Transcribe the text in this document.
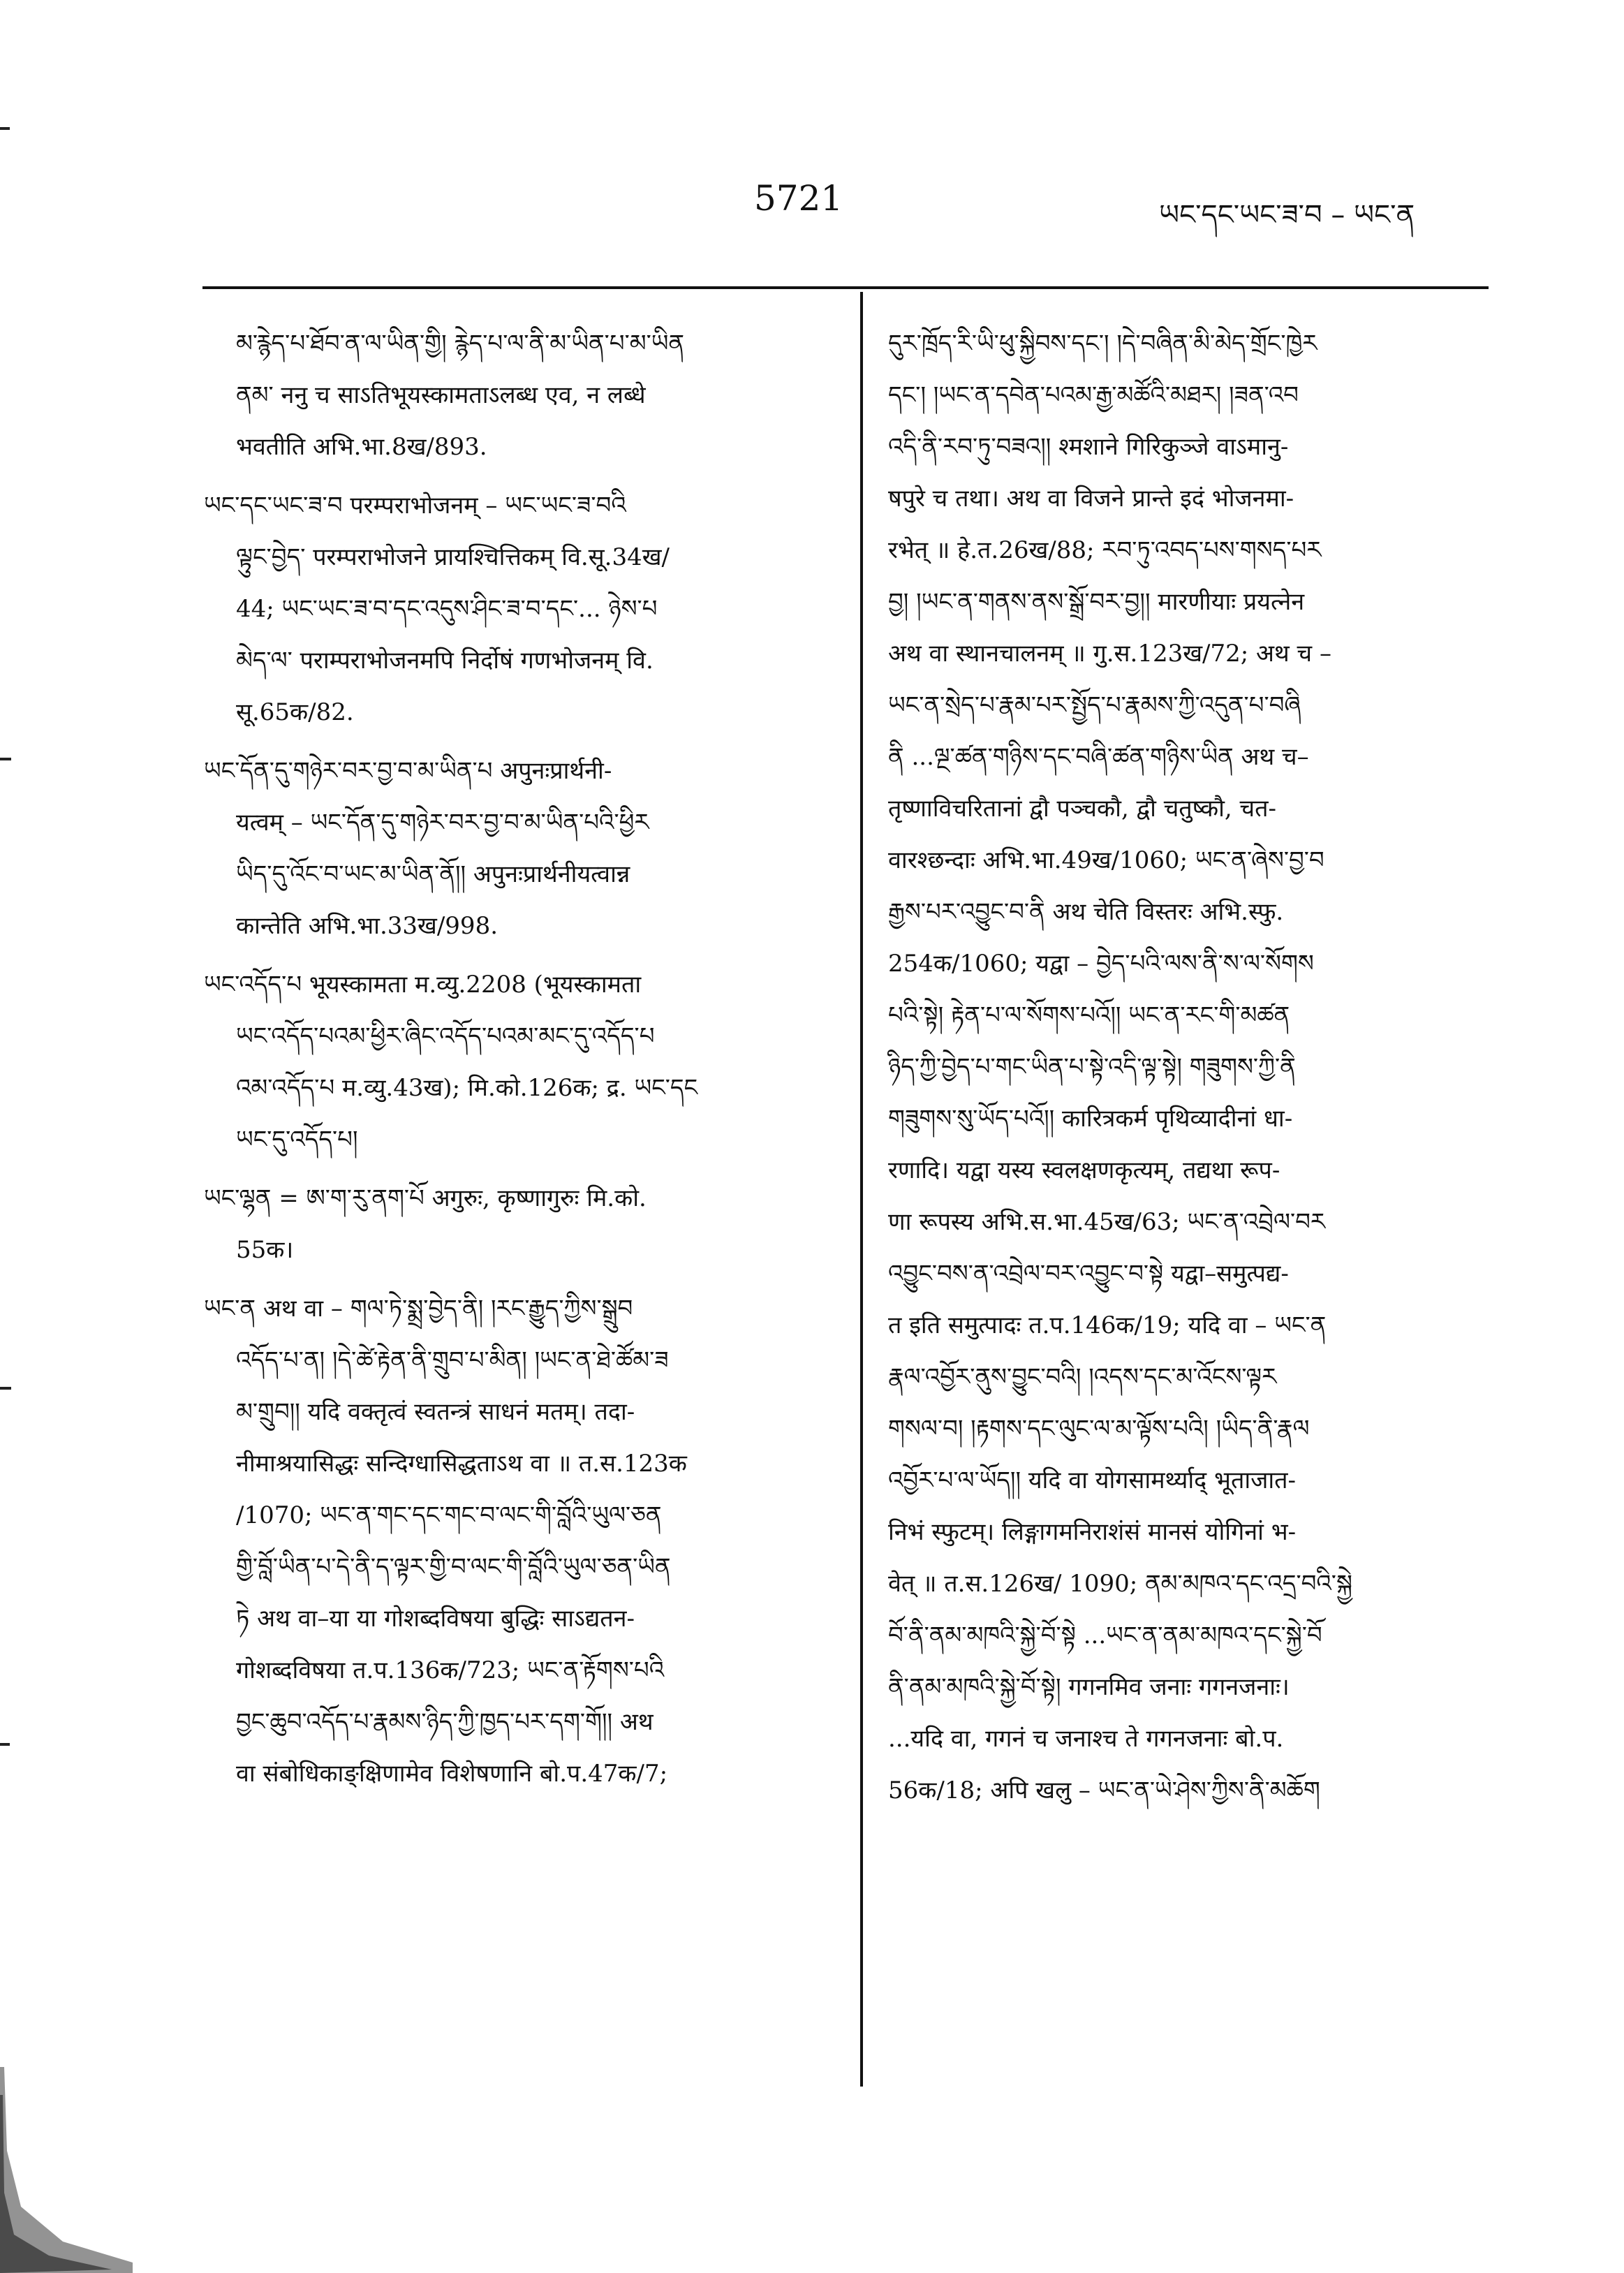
5721	ཡང་དང་ཡང་ཟ་བ – ཡང་ན
མ་རྙེད་པ་ཐོབ་ན་ལ་ཡིན་གྱི། རྙེད་པ་ལ་ནི་མ་ཡིན་པ་མ་ཡིན
ནམ་ ननु च साऽतिभूयस्कामताऽलब्ध एव, न लब्धे
भवतीति अभि.भा.8ख/893.
ཡང་དང་ཡང་ཟ་བ परम्पराभोजनम् – ཡང་ཡང་ཟ་བའི
ལྟུང་བྱེད་ परम्पराभोजने प्रायश्चित्तिकम् वि.सू.34ख/
44; ཡང་ཡང་ཟ་བ་དང་འདུས་ཤིང་ཟ་བ་དང་... ཉེས་པ
མེད་ལ་ पराम्पराभोजनमपि निर्दोषं गणभोजनम् वि.
सू.65क/82.
ཡང་དོན་དུ་གཉེར་བར་བྱ་བ་མ་ཡིན་པ अपुनःप्रार्थनी-
यत्वम् – ཡང་དོན་དུ་གཉེར་བར་བྱ་བ་མ་ཡིན་པའི་ཕྱིར
ཡིད་དུ་འོང་བ་ཡང་མ་ཡིན་ནོ།། अपुनःप्रार्थनीयत्वान्न
कान्तेति अभि.भा.33ख/998.
ཡང་འདོད་པ भूयस्कामता म.व्यु.2208 (भूयस्कामता
ཡང་འདོད་པའམ་ཕྱིར་ཞིང་འདོད་པའམ་མང་དུ་འདོད་པ
འམ་འདོད་པ म.व्यु.43ख); मि.को.126क; द्र. ཡང་དང
ཡང་དུ་འདོད་པ།
ཡང་ལྷན = ཨ་ག་རུ་ནག་པོ अगुरुः, कृष्णागुरुः मि.को.
55क।
ཡང་ན अथ वा – གལ་ཏེ་སྨྲ་བྱེད་ནི། །རང་རྒྱུད་ཀྱིས་སྒྲུབ
འདོད་པ་ན། །དེ་ཚེ་རྟེན་ནི་གྲུབ་པ་མིན། །ཡང་ན་ཐེ་ཚོམ་ཟ
མ་གྲུབ།། यदि वक्तृत्वं स्वतन्त्रं साधनं मतम्। तदा-
नीमाश्रयासिद्धः सन्दिग्धासिद्धताऽथ वा ॥ त.स.123क
/1070; ཡང་ན་གང་དང་གང་བ་ལང་གི་བློའི་ཡུལ་ཅན
གྱི་བློ་ཡིན་པ་དེ་ནི་ད་ལྟར་གྱི་བ་ལང་གི་བློའི་ཡུལ་ཅན་ཡིན
ཏེ अथ वा–या या गोशब्दविषया बुद्धिः साऽद्यतन-
गोशब्दविषया त.प.136क/723; ཡང་ན་རྟོགས་པའི
བྱང་ཆུབ་འདོད་པ་རྣམས་ཉིད་ཀྱི་ཁྱད་པར་དག་གོ།། अथ
वा संबोधिकाङ्क्षिणामेव विशेषणानि बो.प.47क/7;
དུར་ཁྲོད་རི་ཡི་ཕུ་སྐྱིབས་དང་། །དེ་བཞིན་མི་མེད་གྲོང་ཁྱེར
དང་། །ཡང་ན་དབེན་པའམ་རྒྱ་མཚོའི་མཐར། །ཟན་འབ
འདི་ནི་རབ་ཏུ་བཟའ།། श्मशाने गिरिकुञ्जे वाऽमानु-
षपुरे च तथा। अथ वा विजने प्रान्ते इदं भोजनमा-
रभेत् ॥ हे.त.26ख/88; རབ་ཏུ་འབད་པས་གསད་པར
བྱ། །ཡང་ན་གནས་ནས་སྒྲོ་བར་བྱ།། मारणीयाः प्रयत्नेन
अथ वा स्थानचालनम् ॥ गु.स.123ख/72; अथ च –
ཡང་ན་སྲེད་པ་རྣམ་པར་སྤྱོད་པ་རྣམས་ཀྱི་འདུན་པ་བཞི
ནི ...ལྔ་ཚན་གཉིས་དང་བཞི་ཚན་གཉིས་ཡིན अथ च–
तृष्णाविचरितानां द्वौ पञ्चकौ, द्वौ चतुष्कौ, चत-
वारश्छन्दाः अभि.भा.49ख/1060; ཡང་ན་ཞེས་བྱ་བ
རྒྱས་པར་འབྱུང་བ་ནི अथ चेति विस्तरः अभि.स्फु.
254क/1060; यद्वा – བྱེད་པའི་ལས་ནི་ས་ལ་སོགས
པའི་སྟེ། རྟེན་པ་ལ་སོགས་པའོ།། ཡང་ན་རང་གི་མཚན
ཉིད་ཀྱི་བྱེད་པ་གང་ཡིན་པ་སྟེ་འདི་ལྟ་སྟེ། གཟུགས་ཀྱི་ནི
གཟུགས་སུ་ཡོད་པའོ།། कारित्रकर्म पृथिव्यादीनां धा-
रणादि। यद्वा यस्य स्वलक्षणकृत्यम्, तद्यथा रूप-
णा रूपस्य अभि.स.भा.45ख/63; ཡང་ན་འབྲེལ་བར
འབྱུང་བས་ན་འབྲེལ་བར་འབྱུང་བ་སྟེ यद्वा–समुत्पद्य-
त इति समुत्पादः त.प.146क/19; यदि वा – ཡང་ན
རྣལ་འབྱོར་ནུས་བྱུང་བའི། །འདས་དང་མ་འོངས་ལྟར
གསལ་བ། །རྟགས་དང་ལུང་ལ་མ་ལྟོས་པའི། །ཡིད་ནི་རྣལ
འབྱོར་པ་ལ་ཡོད།། यदि वा योगसामर्थ्याद् भूताजात-
निभं स्फुटम्। लिङ्गागमनिराशंसं मानसं योगिनां भ-
वेत् ॥ त.स.126ख/ 1090; ནམ་མཁའ་དང་འདྲ་བའི་སྐྱེ
བོ་ནི་ནམ་མཁའི་སྐྱེ་བོ་སྟེ ...ཡང་ན་ནམ་མཁའ་དང་སྐྱེ་བོ
ནི་ནམ་མཁའི་སྐྱེ་བོ་སྟེ། गगनमिव जनाः गगनजनाः।
...यदि वा, गगनं च जनाश्च ते गगनजनाः बो.प.
56क/18; अपि खलु – ཡང་ན་ཡེ་ཤེས་ཀྱིས་ནི་མཆོག
